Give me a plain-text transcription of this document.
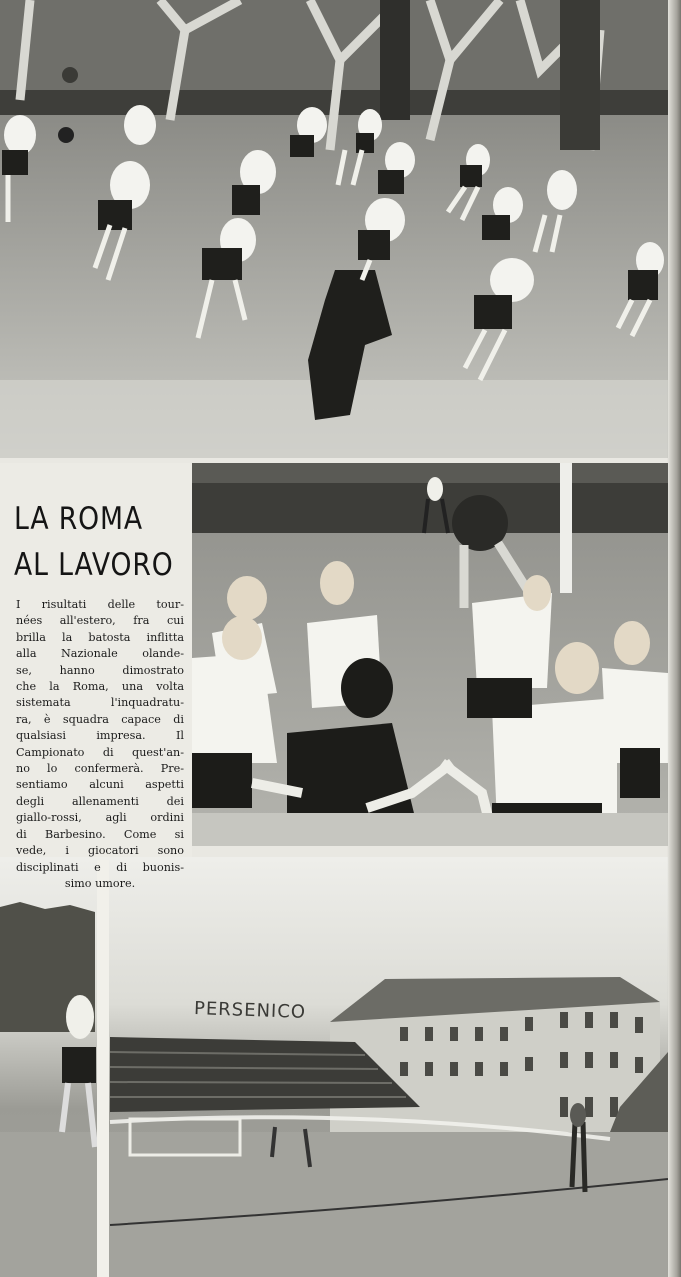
PERSENICO
LA ROMA
AL LAVORO
I risultati delle tour-
nées all'estero, fra cui
brilla la batosta inflitta
alla Nazionale olande-
se, hanno dimostrato
che la Roma, una volta
sistemata l'inquadratu-
ra, è squadra capace di
qualsiasi impresa. Il
Campionato di quest'an-
no lo confermerà. Pre-
sentiamo alcuni aspetti
degli allenamenti dei
giallo-rossi, agli ordini
di Barbesino. Come si
vede, i giocatori sono
disciplinati e di buonis-
simo umore.
